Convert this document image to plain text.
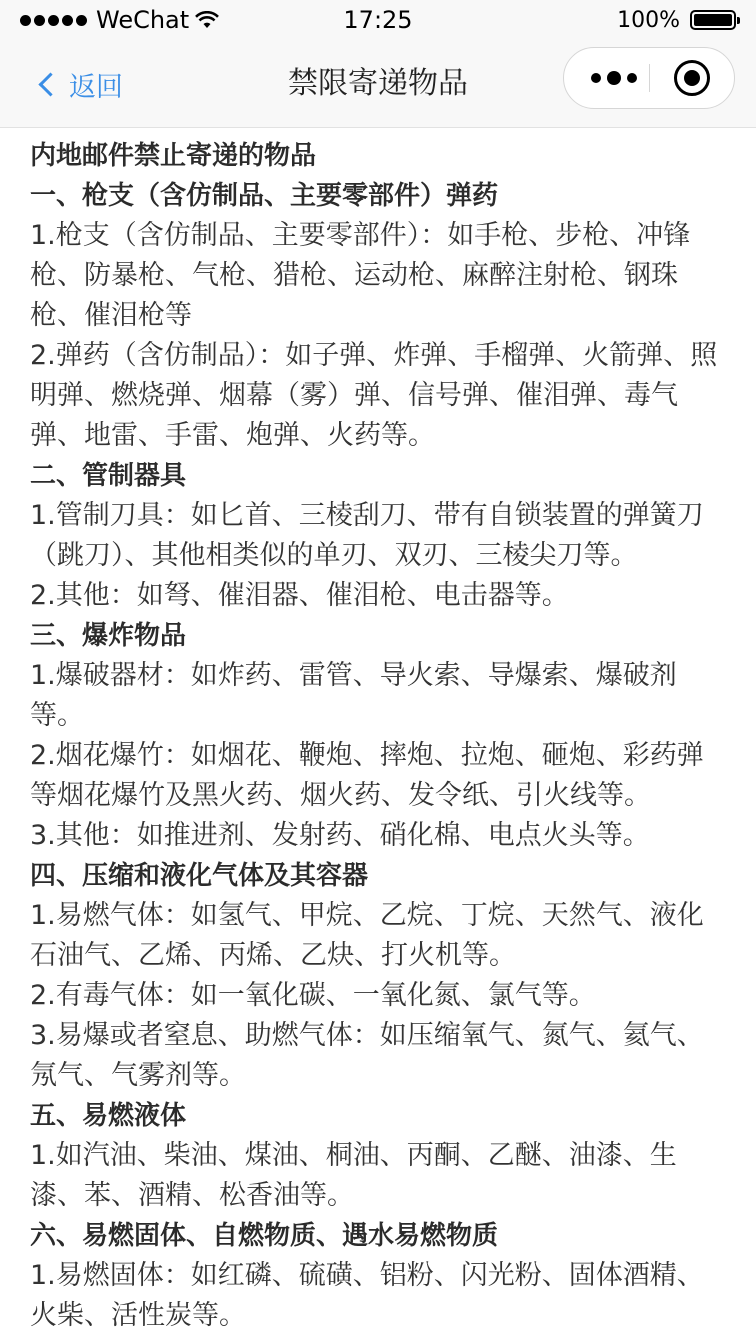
WeChat	17:25	100%
返回	禁限寄递物品

内地邮件禁止寄递的物品

一、枪支（含仿制品、主要零部件）弹药

1.枪支（含仿制品、主要零部件）：如手枪、步枪、冲锋枪、防暴枪、气枪、猎枪、运动枪、麻醉注射枪、钢珠枪、催泪枪等

2.弹药（含仿制品）：如子弹、炸弹、手榴弹、火箭弹、照明弹、燃烧弹、烟幕（雾）弹、信号弹、催泪弹、毒气弹、地雷、手雷、炮弹、火药等。

二、管制器具

1.管制刀具：如匕首、三棱刮刀、带有自锁装置的弹簧刀（跳刀）、其他相类似的单刃、双刃、三棱尖刀等。

2.其他：如弩、催泪器、催泪枪、电击器等。

三、爆炸物品

1.爆破器材：如炸药、雷管、导火索、导爆索、爆破剂等。

2.烟花爆竹：如烟花、鞭炮、摔炮、拉炮、砸炮、彩药弹等烟花爆竹及黑火药、烟火药、发令纸、引火线等。

3.其他：如推进剂、发射药、硝化棉、电点火头等。

四、压缩和液化气体及其容器

1.易燃气体：如氢气、甲烷、乙烷、丁烷、天然气、液化石油气、乙烯、丙烯、乙炔、打火机等。

2.有毒气体：如一氧化碳、一氧化氮、氯气等。

3.易爆或者窒息、助燃气体：如压缩氧气、氮气、氦气、氖气、气雾剂等。

五、易燃液体

1.如汽油、柴油、煤油、桐油、丙酮、乙醚、油漆、生漆、苯、酒精、松香油等。

六、易燃固体、自燃物质、遇水易燃物质

1.易燃固体：如红磷、硫磺、铝粉、闪光粉、固体酒精、火柴、活性炭等。
